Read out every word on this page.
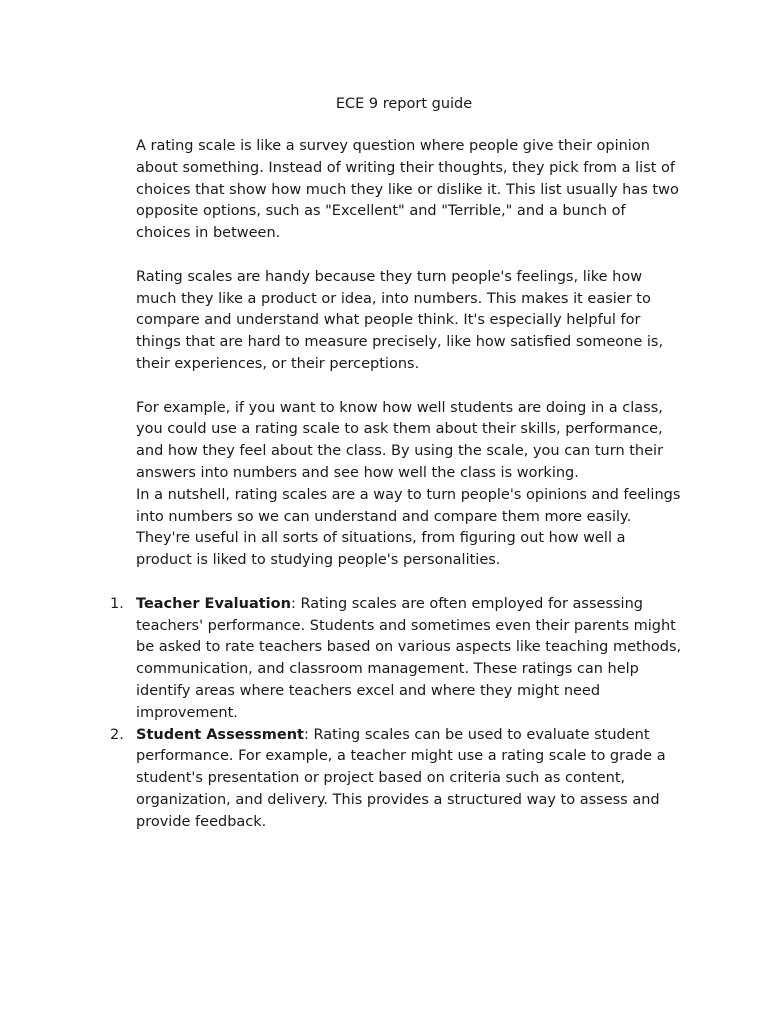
ECE 9 report guide

A rating scale is like a survey question where people give their opinion about something. Instead of writing their thoughts, they pick from a list of choices that show how much they like or dislike it. This list usually has two opposite options, such as "Excellent" and "Terrible," and a bunch of choices in between.

Rating scales are handy because they turn people's feelings, like how much they like a product or idea, into numbers. This makes it easier to compare and understand what people think. It's especially helpful for things that are hard to measure precisely, like how satisfied someone is, their experiences, or their perceptions.

For example, if you want to know how well students are doing in a class, you could use a rating scale to ask them about their skills, performance, and how they feel about the class. By using the scale, you can turn their answers into numbers and see how well the class is working.

In a nutshell, rating scales are a way to turn people's opinions and feelings into numbers so we can understand and compare them more easily. They're useful in all sorts of situations, from figuring out how well a product is liked to studying people's personalities.

1. Teacher Evaluation: Rating scales are often employed for assessing teachers' performance. Students and sometimes even their parents might be asked to rate teachers based on various aspects like teaching methods, communication, and classroom management. These ratings can help identify areas where teachers excel and where they might need improvement.
2. Student Assessment: Rating scales can be used to evaluate student performance. For example, a teacher might use a rating scale to grade a student's presentation or project based on criteria such as content, organization, and delivery. This provides a structured way to assess and provide feedback.
